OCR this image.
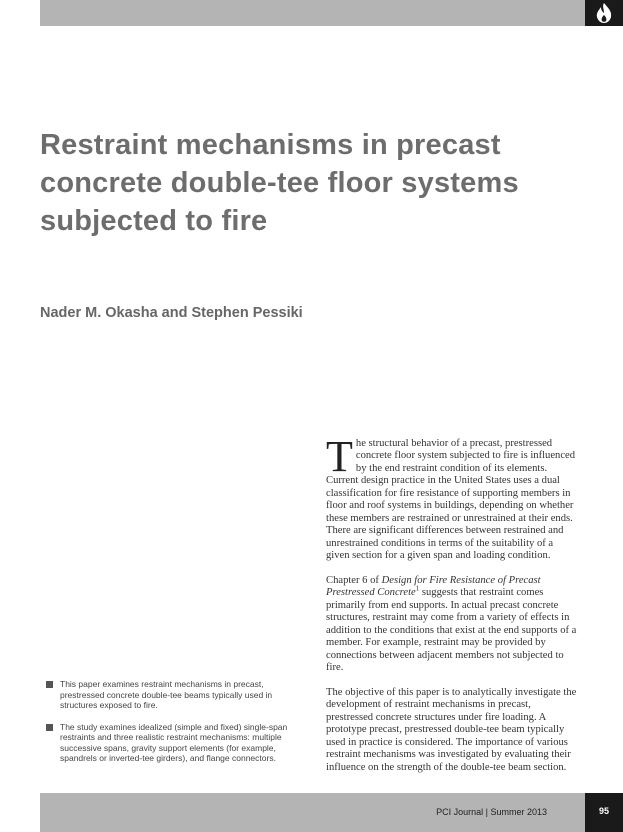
Restraint mechanisms in precast concrete double-tee floor systems subjected to fire

Nader M. Okasha and Stephen Pessiki

The structural behavior of a precast, prestressed concrete floor system subjected to fire is influenced by the end restraint condition of its elements. Current design practice in the United States uses a dual classification for fire resistance of supporting members in floor and roof systems in buildings, depending on whether these members are restrained or unrestrained at their ends. There are significant differences between restrained and unrestrained conditions in terms of the suitability of a given section for a given span and loading condition.

Chapter 6 of Design for Fire Resistance of Precast Prestressed Concrete$^1$ suggests that restraint comes primarily from end supports. In actual precast concrete structures, restraint may come from a variety of effects in addition to the conditions that exist at the end supports of a member. For example, restraint may be provided by connections between adjacent members not subjected to fire.

The objective of this paper is to analytically investigate the development of restraint mechanisms in precast, prestressed concrete structures under fire loading. A prototype precast, prestressed double-tee beam typically used in practice is considered. The importance of various restraint mechanisms was investigated by evaluating their influence on the strength of the double-tee beam section.

This paper examines restraint mechanisms in precast, prestressed concrete double-tee beams typically used in structures exposed to fire.
The study examines idealized (simple and fixed) single-span restraints and three realistic restraint mechanisms: multiple successive spans, gravity support elements (for example, spandrels or inverted-tee girders), and flange connectors.
PCI Journal | Summer 2013	95
